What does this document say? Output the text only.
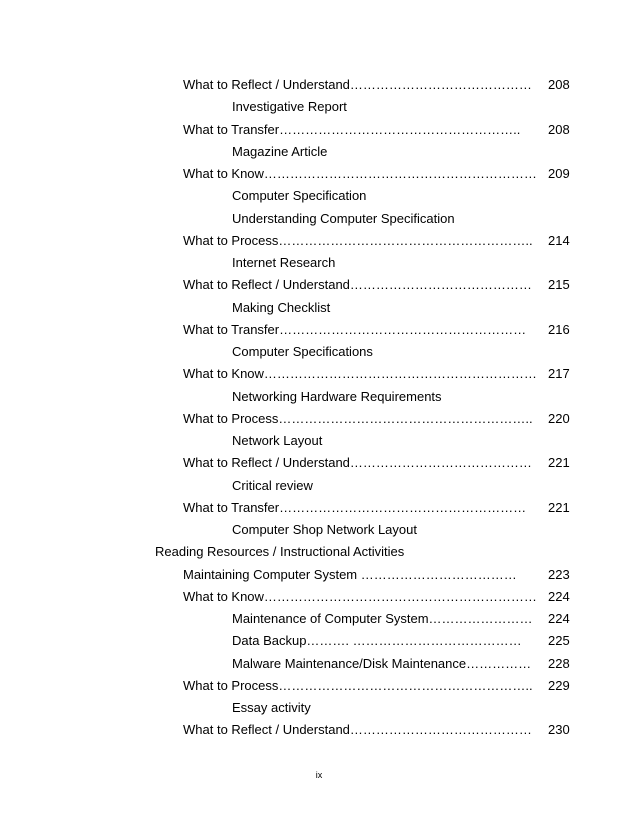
What to Reflect / Understand…………………………………… 208
Investigative Report
What to Transfer……………………………………………….. 208
Magazine Article
What to Know……………………………………………………… 209
Computer Specification
Understanding Computer Specification
What to Process………………………………………………….. 214
Internet Research
What to Reflect / Understand…………………………………… 215
Making Checklist
What to Transfer………………………………………………… 216
Computer Specifications
What to Know……………………………………………………… 217
Networking Hardware Requirements
What to Process………………………………………………….. 220
Network Layout
What to Reflect / Understand…………………………………… 221
Critical review
What to Transfer………………………………………………… 221
Computer Shop Network Layout
Reading Resources / Instructional Activities
Maintaining Computer System ……………………………… 223
What to Know……………………………………………………… 224
Maintenance of Computer System…………………… 224
Data Backup………. ………………………………… 225
Malware Maintenance/Disk Maintenance…………… 228
What to Process………………………………………………….. 229
Essay activity
What to Reflect / Understand…………………………………… 230
ix
